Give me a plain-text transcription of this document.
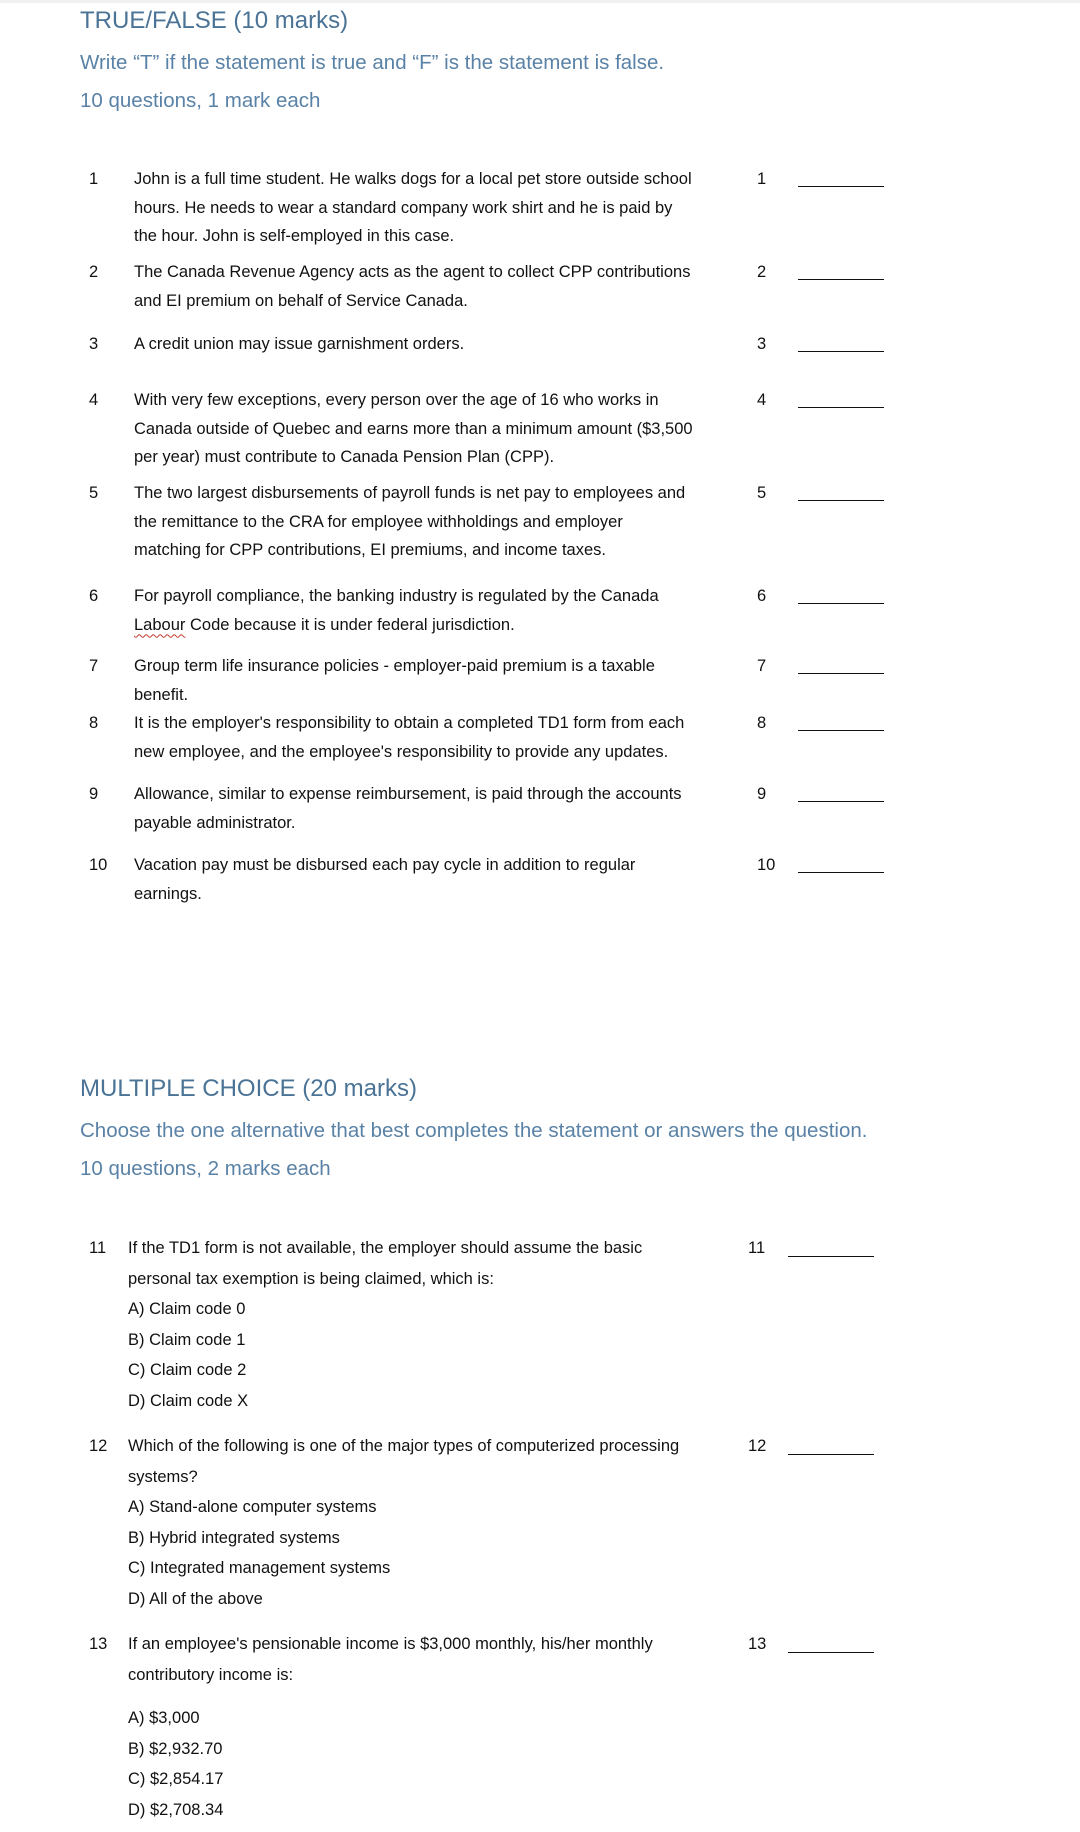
TRUE/FALSE (10 marks)
Write “T” if the statement is true and “F” is the statement is false.
10 questions, 1 mark each
1 John is a full time student. He walks dogs for a local pet store outside school
hours. He needs to wear a standard company work shirt and he is paid by
the hour. John is self-employed in this case.
1
2 The Canada Revenue Agency acts as the agent to collect CPP contributions
and EI premium on behalf of Service Canada.
2
3 A credit union may issue garnishment orders.	3
4 With very few exceptions, every person over the age of 16 who works in
Canada outside of Quebec and earns more than a minimum amount ($3,500
per year) must contribute to Canada Pension Plan (CPP).
4
5 The two largest disbursements of payroll funds is net pay to employees and
the remittance to the CRA for employee withholdings and employer
matching for CPP contributions, EI premiums, and income taxes.
5
6 For payroll compliance, the banking industry is regulated by the Canada
Labour Code because it is under federal jurisdiction.
6
7 Group term life insurance policies - employer-paid premium is a taxable
benefit.
7
8 It is the employer's responsibility to obtain a completed TD1 form from each
new employee, and the employee's responsibility to provide any updates.
8
9 Allowance, similar to expense reimbursement, is paid through the accounts
payable administrator.
9
10 Vacation pay must be disbursed each pay cycle in addition to regular
earnings.
10
MULTIPLE CHOICE (20 marks)
Choose the one alternative that best completes the statement or answers the question.
10 questions, 2 marks each
11 If the TD1 form is not available, the employer should assume the basic
personal tax exemption is being claimed, which is:
11
A) Claim code 0
B) Claim code 1
C) Claim code 2
D) Claim code X
12 Which of the following is one of the major types of computerized processing
systems?
12
A) Stand-alone computer systems
B) Hybrid integrated systems
C) Integrated management systems
D) All of the above
13 If an employee's pensionable income is $3,000 monthly, his/her monthly
contributory income is:
13
A) $3,000
B) $2,932.70
C) $2,854.17
D) $2,708.34
